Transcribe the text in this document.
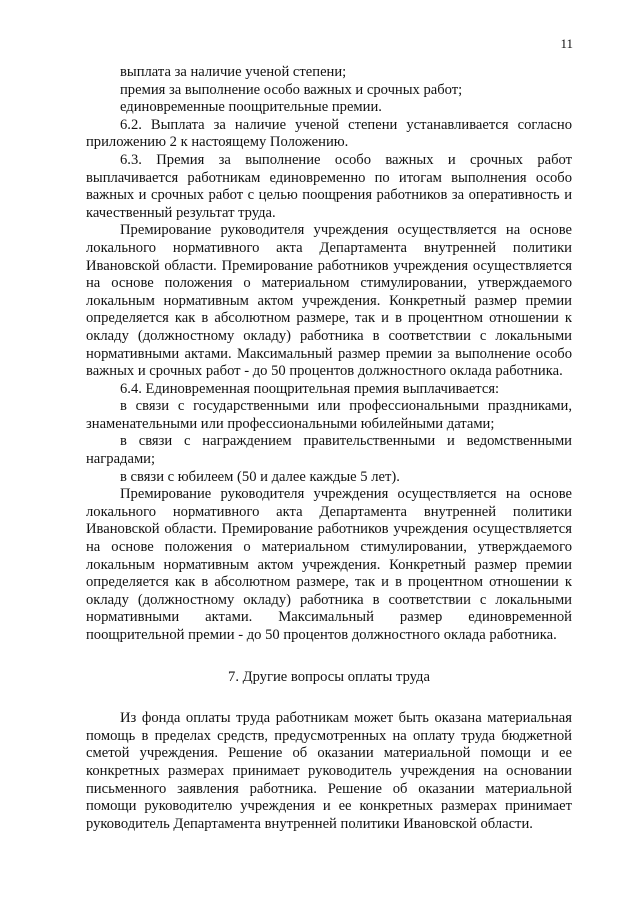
11

выплата за наличие ученой степени;

премия за выполнение особо важных и срочных работ;

единовременные поощрительные премии.

6.2. Выплата за наличие ученой степени устанавливается согласно приложению 2 к настоящему Положению.

6.3. Премия за выполнение особо важных и срочных работ выплачивается работникам единовременно по итогам выполнения особо важных и срочных работ с целью поощрения работников за оперативность и качественный результат труда.

Премирование руководителя учреждения осуществляется на основе локального нормативного акта Департамента внутренней политики Ивановской области. Премирование работников учреждения осуществляется на основе положения о материальном стимулировании, утверждаемого локальным нормативным актом учреждения. Конкретный размер премии определяется как в абсолютном размере, так и в процентном отношении к окладу (должностному окладу) работника в соответствии с локальными нормативными актами. Максимальный размер премии за выполнение особо важных и срочных работ - до 50 процентов должностного оклада работника.

6.4. Единовременная поощрительная премия выплачивается:

в связи с государственными или профессиональными праздниками, знаменательными или профессиональными юбилейными датами;

в связи с награждением правительственными и ведомственными наградами;

в связи с юбилеем (50 и далее каждые 5 лет).

Премирование руководителя учреждения осуществляется на основе локального нормативного акта Департамента внутренней политики Ивановской области. Премирование работников учреждения осуществляется на основе положения о материальном стимулировании, утверждаемого локальным нормативным актом учреждения. Конкретный размер премии определяется как в абсолютном размере, так и в процентном отношении к окладу (должностному окладу) работника в соответствии с локальными нормативными актами. Максимальный размер единовременной поощрительной премии - до 50 процентов должностного оклада работника.

7. Другие вопросы оплаты труда

Из фонда оплаты труда работникам может быть оказана материальная помощь в пределах средств, предусмотренных на оплату труда бюджетной сметой учреждения. Решение об оказании материальной помощи и ее конкретных размерах принимает руководитель учреждения на основании письменного заявления работника. Решение об оказании материальной помощи руководителю учреждения и ее конкретных размерах принимает руководитель Департамента внутренней политики Ивановской области.
